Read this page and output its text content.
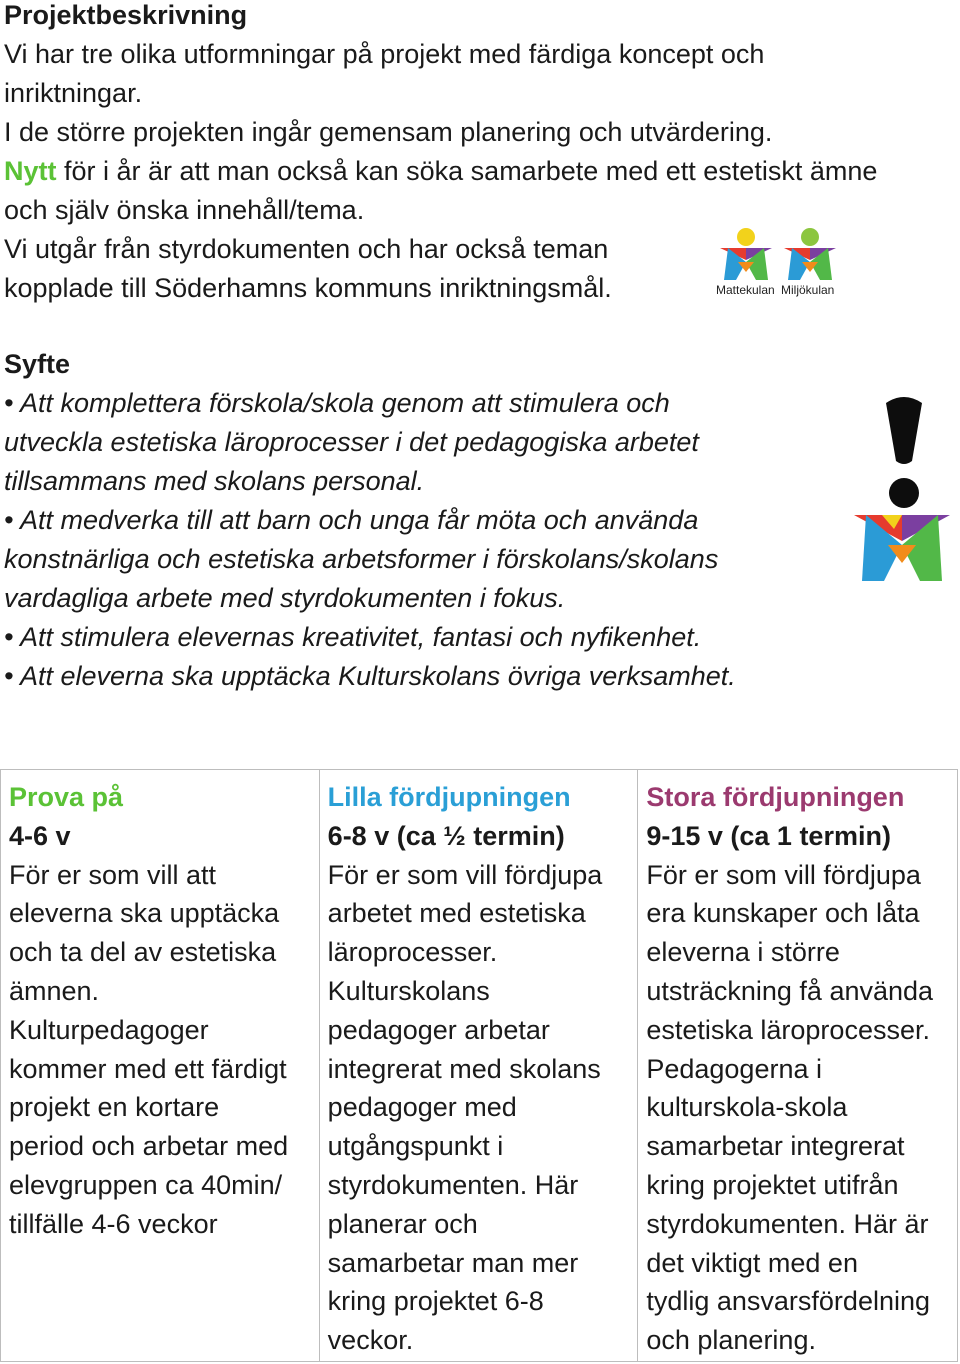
Projektbeskrivning
Vi har tre olika utformningar på projekt med färdiga koncept och
inriktningar.
I de större projekten ingår gemensam planering och utvärdering.
Nytt för i år är att man också kan söka samarbete med ett estetiskt ämne
och själv önska innehåll/tema.
Vi utgår från styrdokumenten och har också teman
kopplade till Söderhamns kommuns inriktningsmål.	Mattekulan Miljökulan
Syfte
• Att komplettera förskola/skola genom att stimulera och
utveckla estetiska läroprocesser i det pedagogiska arbetet
tillsammans med skolans personal.
• Att medverka till att barn och unga får möta och använda
konstnärliga och estetiska arbetsformer i förskolans/skolans
vardagliga arbete med styrdokumenten i fokus.
• Att stimulera elevernas kreativitet, fantasi och nyfikenhet.
• Att eleverna ska upptäcka Kulturskolans övriga verksamhet.
Prova på
4-6 v
För er som vill att
eleverna ska upptäcka
och ta del av estetiska
ämnen.
Kulturpedagoger
kommer med ett färdigt
projekt en kortare
period och arbetar med
elevgruppen ca 40min/
tillfälle 4-6 veckor
Lilla fördjupningen
6-8 v (ca ½ termin)
För er som vill fördjupa
arbetet med estetiska
läroprocesser.
Kulturskolans
pedagoger arbetar
integrerat med skolans
pedagoger med
utgångspunkt i
styrdokumenten. Här
planerar och
samarbetar man mer
kring projektet 6-8
veckor.
Stora fördjupningen
9-15 v (ca 1 termin)
För er som vill fördjupa
era kunskaper och låta
eleverna i större
utsträckning få använda
estetiska läroprocesser.
Pedagogerna i
kulturskola-skola
samarbetar integrerat
kring projektet utifrån
styrdokumenten. Här är
det viktigt med en
tydlig ansvarsfördelning
och planering.
